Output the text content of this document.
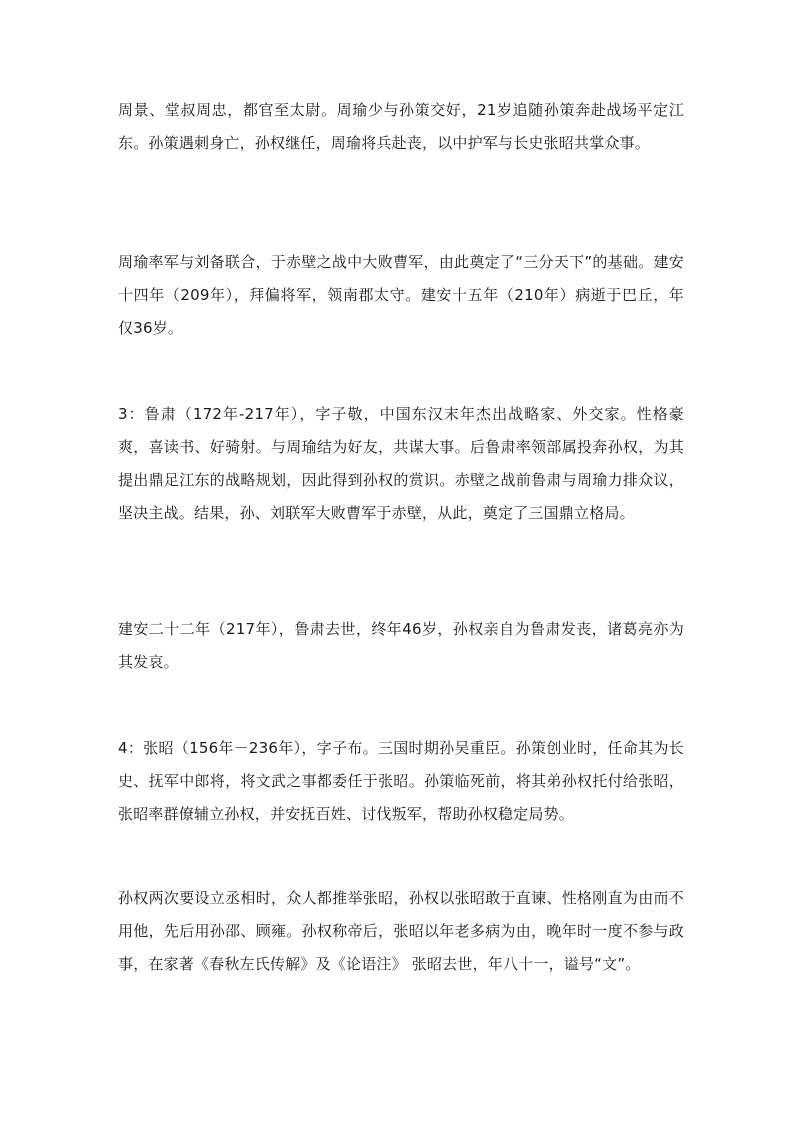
周景、堂叔周忠，都官至太尉。周瑜少与孙策交好，21岁追随孙策奔赴战场平定江东。孙策遇刺身亡，孙权继任，周瑜将兵赴丧，以中护军与长史张昭共掌众事。

周瑜率军与刘备联合，于赤壁之战中大败曹军，由此奠定了“三分天下”的基础。建安十四年（209年），拜偏将军，领南郡太守。建安十五年（210年）病逝于巴丘，年仅36岁。

3：鲁肃（172年-217年），字子敬，中国东汉末年杰出战略家、外交家。性格豪爽，喜读书、好骑射。与周瑜结为好友，共谋大事。后鲁肃率领部属投奔孙权，为其提出鼎足江东的战略规划，因此得到孙权的赏识。赤壁之战前鲁肃与周瑜力排众议，坚决主战。结果，孙、刘联军大败曹军于赤壁，从此，奠定了三国鼎立格局。

建安二十二年（217年），鲁肃去世，终年46岁，孙权亲自为鲁肃发丧，诸葛亮亦为其发哀。

4：张昭（156年－236年），字子布。三国时期孙吴重臣。孙策创业时，任命其为长史、抚军中郎将，将文武之事都委任于张昭。孙策临死前，将其弟孙权托付给张昭，张昭率群僚辅立孙权，并安抚百姓、讨伐叛军，帮助孙权稳定局势。

孙权两次要设立丞相时，众人都推举张昭，孙权以张昭敢于直谏、性格刚直为由而不用他，先后用孙邵、顾雍。孙权称帝后，张昭以年老多病为由，晚年时一度不参与政事，在家著《春秋左氏传解》及《论语注》 张昭去世，年八十一，谥号“文”。
